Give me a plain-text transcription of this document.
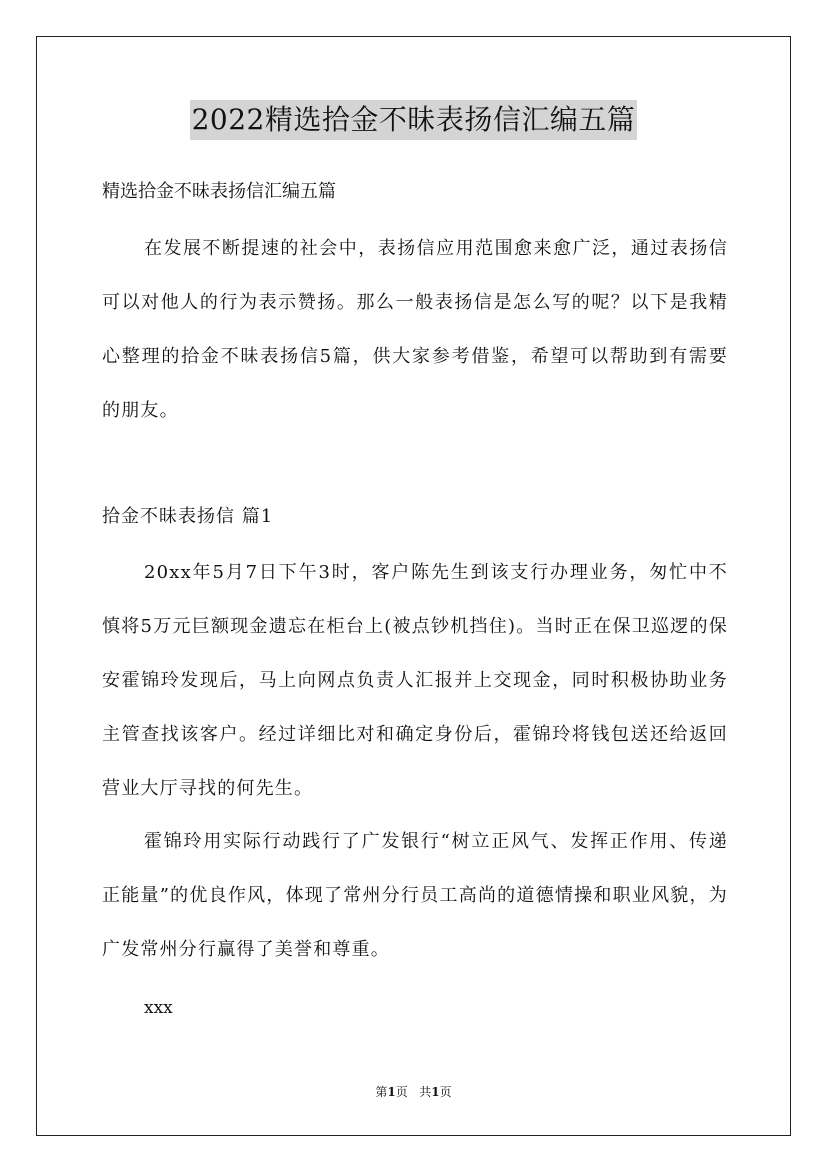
2022精选拾金不昧表扬信汇编五篇
精选拾金不昧表扬信汇编五篇
在发展不断提速的社会中，表扬信应用范围愈来愈广泛，通过表扬信可以对他人的行为表示赞扬。那么一般表扬信是怎么写的呢？以下是我精心整理的拾金不昧表扬信5篇，供大家参考借鉴，希望可以帮助到有需要的朋友。
拾金不昧表扬信 篇1
20xx年5月7日下午3时，客户陈先生到该支行办理业务，匆忙中不慎将5万元巨额现金遗忘在柜台上(被点钞机挡住)。当时正在保卫巡逻的保安霍锦玲发现后，马上向网点负责人汇报并上交现金，同时积极协助业务主管查找该客户。经过详细比对和确定身份后，霍锦玲将钱包送还给返回营业大厅寻找的何先生。
霍锦玲用实际行动践行了广发银行“树立正风气、发挥正作用、传递正能量”的优良作风，体现了常州分行员工高尚的道德情操和职业风貌，为广发常州分行赢得了美誉和尊重。
xxx
第1页 共1页
